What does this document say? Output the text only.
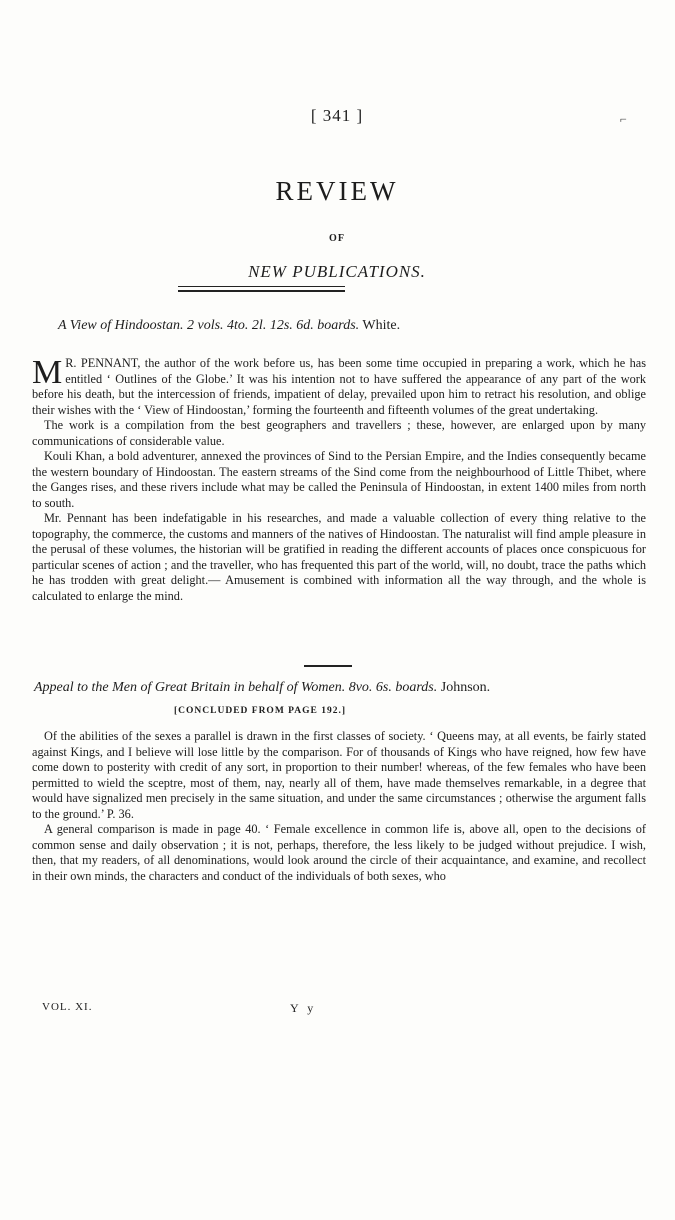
[ 341 ]	⌐
REVIEW
OF
NEW PUBLICATIONS.
A View of Hindoostan. 2 vols. 4to. 2l. 12s. 6d. boards. White.

M R. PENNANT, the author of the work before us, has been some time occupied in preparing a work, which he has entitled ‘ Outlines of the Globe.’ It was his intention not to have suffered the appearance of any part of the work before his death, but the intercession of friends, impatient of delay, prevailed upon him to retract his resolution, and oblige their wishes with the ‘ View of Hindoostan,’ forming the fourteenth and fifteenth volumes of the great undertaking.

The work is a compilation from the best geographers and travellers ; these, however, are enlarged upon by many communications of considerable value.

Kouli Khan, a bold adventurer, annexed the provinces of Sind to the Persian Empire, and the Indies consequently became the western boundary of Hindoostan. The eastern streams of the Sind come from the neighbourhood of Little Thibet, where the Ganges rises, and these rivers include what may be called the Peninsula of Hindoostan, in extent 1400 miles from north to south.

Mr. Pennant has been indefatigable in his researches, and made a valuable collection of every thing relative to the topography, the commerce, the customs and manners of the natives of Hindoostan. The naturalist will find ample pleasure in the perusal of these volumes, the historian will be gratified in reading the different accounts of places once conspicuous for particular scenes of action ; and the traveller, who has frequented this part of the world, will, no doubt, trace the paths which he has trodden with great delight.— Amusement is combined with information all the way through, and the whole is calculated to enlarge the mind.

Appeal to the Men of Great Britain in behalf of Women. 8vo. 6s. boards. Johnson.
[CONCLUDED FROM PAGE 192.]

Of the abilities of the sexes a parallel is drawn in the first classes of society. ‘ Queens may, at all events, be fairly stated against Kings, and I believe will lose little by the comparison. For of thousands of Kings who have reigned, how few have come down to posterity with credit of any sort, in proportion to their number! whereas, of the few females who have been permitted to wield the sceptre, most of them, nay, nearly all of them, have made themselves remarkable, in a degree that would have signalized men precisely in the same situation, and under the same circumstances ; otherwise the argument falls to the ground.’ P. 36.

A general comparison is made in page 40. ‘ Female excellence in common life is, above all, open to the decisions of common sense and daily observation ; it is not, perhaps, therefore, the less likely to be judged without prejudice. I wish, then, that my readers, of all denominations, would look around the circle of their acquaintance, and examine, and recollect in their own minds, the characters and conduct of the individuals of both sexes, who

VOL. XI.	Y y
